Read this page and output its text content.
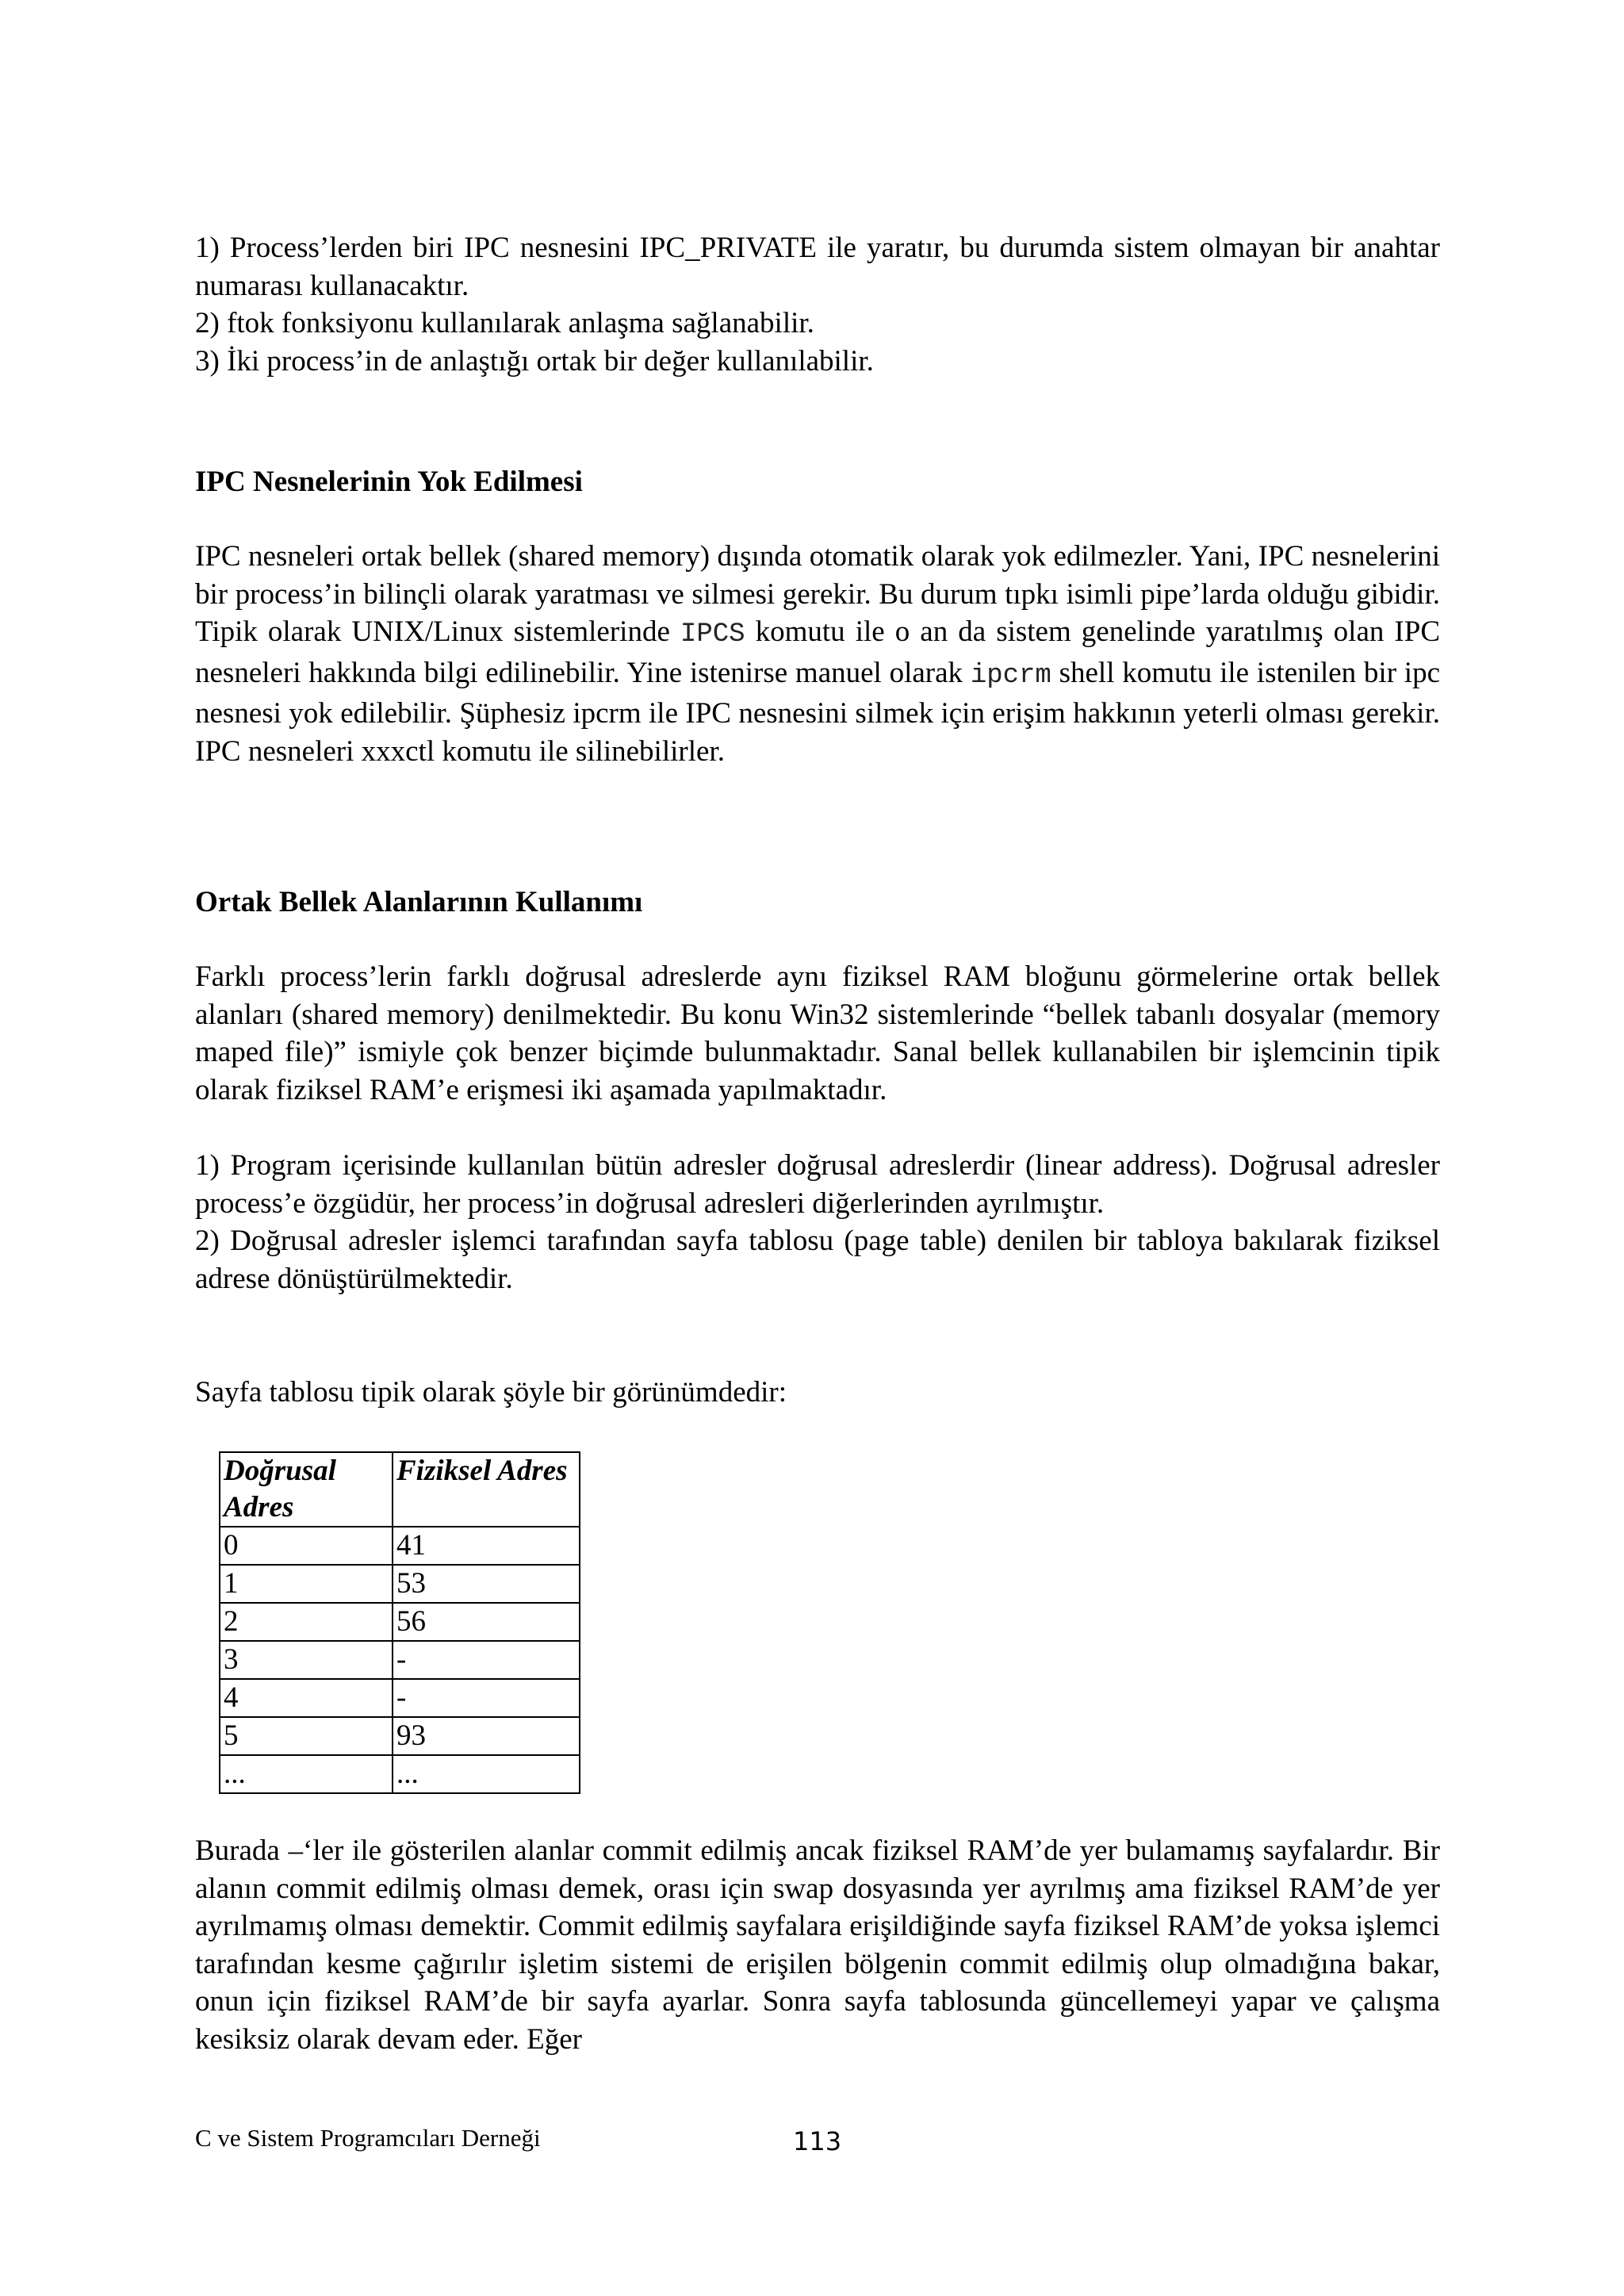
1) Process’lerden biri IPC nesnesini IPC_PRIVATE ile yaratır, bu durumda sistem olmayan bir anahtar numarası kullanacaktır.

2) ftok fonksiyonu kullanılarak anlaşma sağlanabilir.

3) İki process’in de anlaştığı ortak bir değer kullanılabilir.

IPC Nesnelerinin Yok Edilmesi

IPC nesneleri ortak bellek (shared memory) dışında otomatik olarak yok edilmezler. Yani, IPC nesnelerini bir process’in bilinçli olarak yaratması ve silmesi gerekir. Bu durum tıpkı isimli pipe’larda olduğu gibidir. Tipik olarak UNIX/Linux sistemlerinde IPCS komutu ile o an da sistem genelinde yaratılmış olan IPC nesneleri hakkında bilgi edilinebilir. Yine istenirse manuel olarak ipcrm shell komutu ile istenilen bir ipc nesnesi yok edilebilir. Şüphesiz ipcrm ile IPC nesnesini silmek için erişim hakkının yeterli olması gerekir. IPC nesneleri xxxctl komutu ile silinebilirler.

Ortak Bellek Alanlarının Kullanımı

Farklı process’lerin farklı doğrusal adreslerde aynı fiziksel RAM bloğunu görmelerine ortak bellek alanları (shared memory) denilmektedir. Bu konu Win32 sistemlerinde “bellek tabanlı dosyalar (memory maped file)” ismiyle çok benzer biçimde bulunmaktadır. Sanal bellek kullanabilen bir işlemcinin tipik olarak fiziksel RAM’e erişmesi iki aşamada yapılmaktadır.

1) Program içerisinde kullanılan bütün adresler doğrusal adreslerdir (linear address). Doğrusal adresler process’e özgüdür, her process’in doğrusal adresleri diğerlerinden ayrılmıştır.

2) Doğrusal adresler işlemci tarafından sayfa tablosu (page table) denilen bir tabloya bakılarak fiziksel adrese dönüştürülmektedir.

Sayfa tablosu tipik olarak şöyle bir görünümdedir:

Doğrusal Adres	Fiziksel Adres
0	41
1	53
2	56
3	-
4	-
5	93
...	...

Burada –‘ler ile gösterilen alanlar commit edilmiş ancak fiziksel RAM’de yer bulamamış sayfalardır. Bir alanın commit edilmiş olması demek, orası için swap dosyasında yer ayrılmış ama fiziksel RAM’de yer ayrılmamış olması demektir. Commit edilmiş sayfalara erişildiğinde sayfa fiziksel RAM’de yoksa işlemci tarafından kesme çağırılır işletim sistemi de erişilen bölgenin commit edilmiş olup olmadığına bakar, onun için fiziksel RAM’de bir sayfa ayarlar. Sonra sayfa tablosunda güncellemeyi yapar ve çalışma kesiksiz olarak devam eder. Eğer

C ve Sistem Programcıları Derneği	113
